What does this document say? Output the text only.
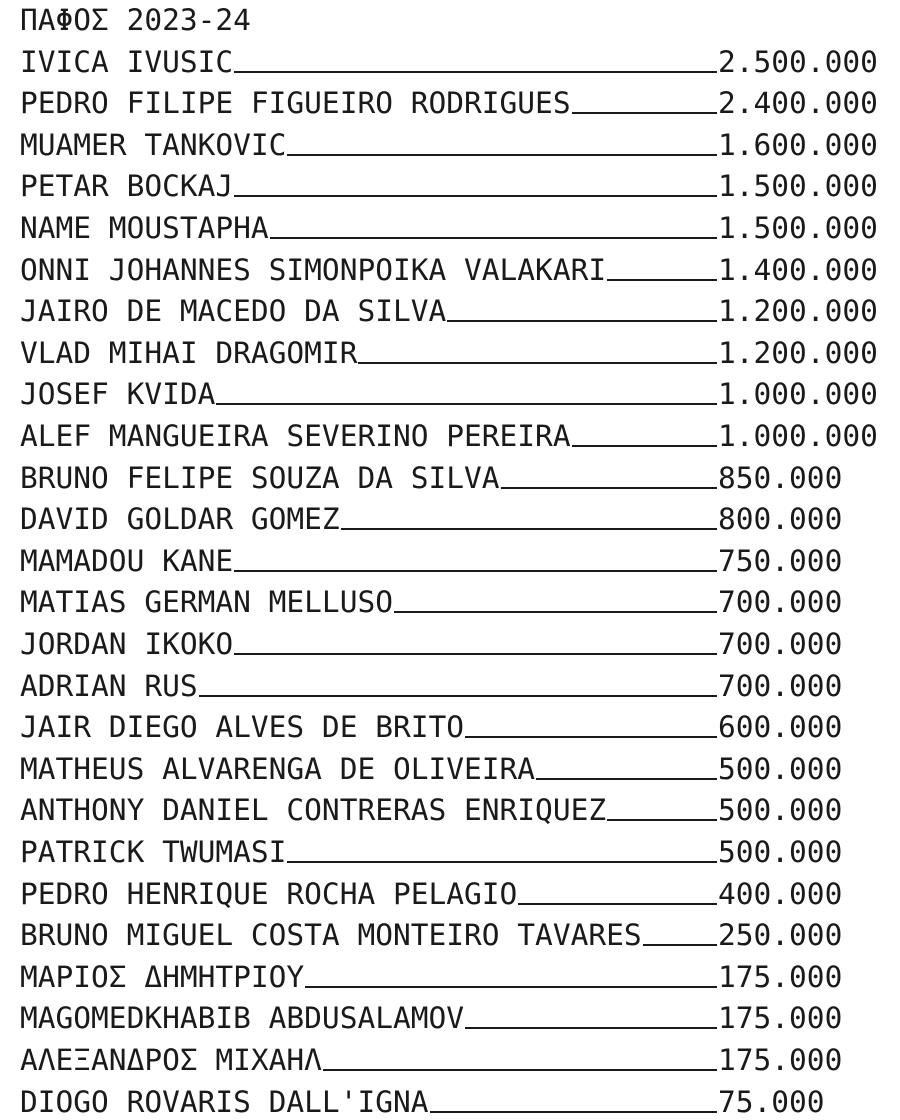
ΠΑΦΟΣ 2023-24
IVICA IVUSIC	2.500.000
PEDRO FILIPE FIGUEIRO RODRIGUES	2.400.000
MUAMER TANKOVIC	1.600.000
PETAR BOCKAJ	1.500.000
NAME MOUSTAPHA	1.500.000
ONNI JOHANNES SIMONPOIKA VALAKARI	1.400.000
JAIRO DE MACEDO DA SILVA	1.200.000
VLAD MIHAI DRAGOMIR	1.200.000
JOSEF KVIDA	1.000.000
ALEF MANGUEIRA SEVERINO PEREIRA	1.000.000
BRUNO FELIPE SOUZA DA SILVA	850.000
DAVID GOLDAR GOMEZ	800.000
MAMADOU KANE	750.000
MATIAS GERMAN MELLUSO	700.000
JORDAN IKOKO	700.000
ADRIAN RUS	700.000
JAIR DIEGO ALVES DE BRITO	600.000
MATHEUS ALVARENGA DE OLIVEIRA	500.000
ANTHONY DANIEL CONTRERAS ENRIQUEZ	500.000
PATRICK TWUMASI	500.000
PEDRO HENRIQUE ROCHA PELAGIO	400.000
BRUNO MIGUEL COSTA MONTEIRO TAVARES	250.000
ΜΑΡΙΟΣ ΔΗΜΗΤΡΙΟΥ	175.000
MAGOMEDKHABIB ABDUSALAMOV	175.000
ΑΛΕΞΑΝΔΡΟΣ ΜΙΧΑΗΛ	175.000
DIOGO ROVARIS DALL'IGNA	75.000
